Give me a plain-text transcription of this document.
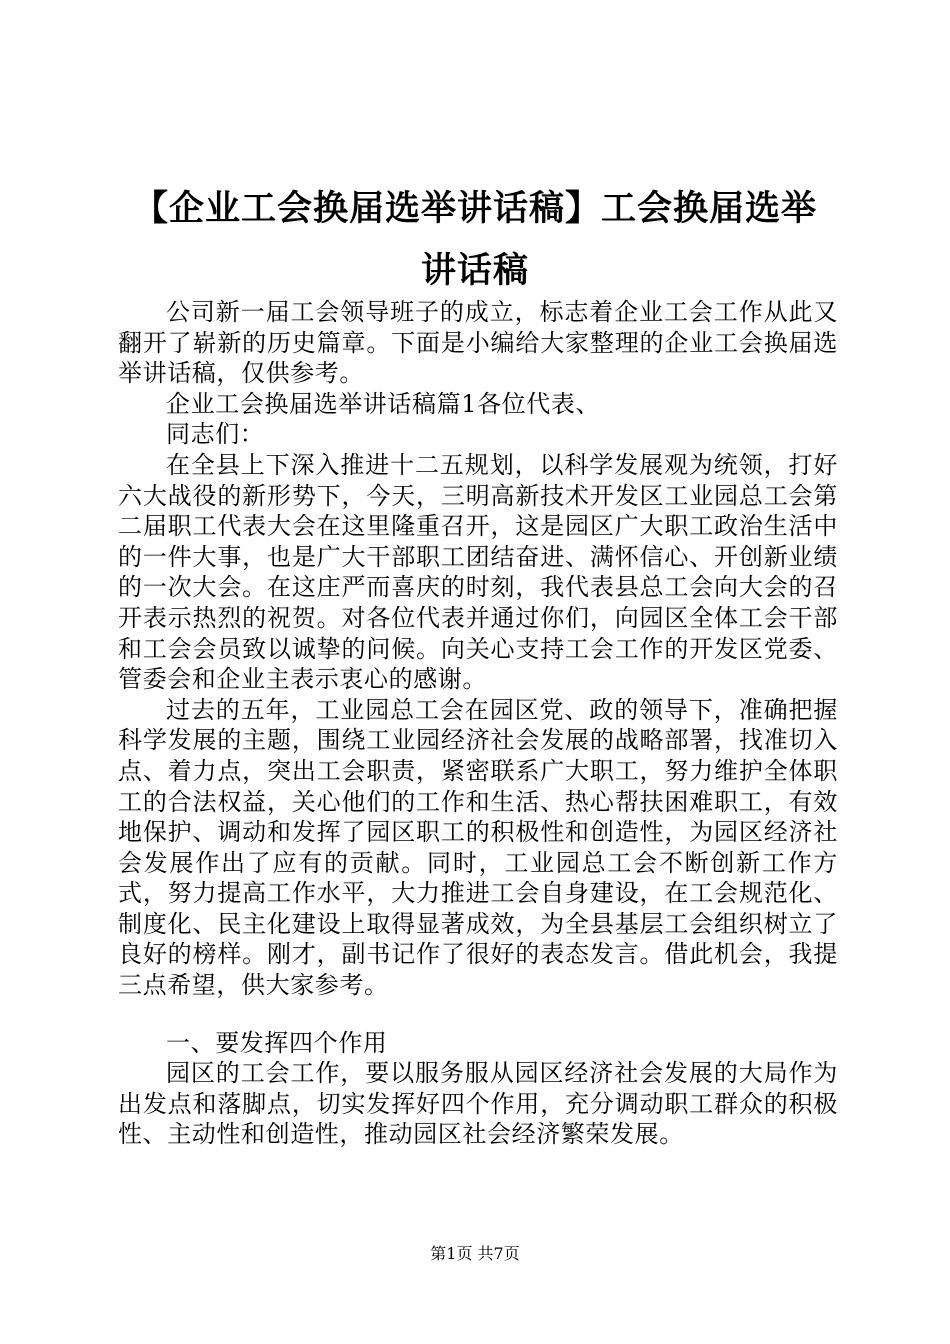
【企业工会换届选举讲话稿】工会换届选举讲话稿

公司新一届工会领导班子的成立，标志着企业工会工作从此又翻开了崭新的历史篇章。下面是小编给大家整理的企业工会换届选举讲话稿，仅供参考。

企业工会换届选举讲话稿篇1各位代表、

同志们：

在全县上下深入推进十二五规划，以科学发展观为统领，打好六大战役的新形势下，今天，三明高新技术开发区工业园总工会第二届职工代表大会在这里隆重召开，这是园区广大职工政治生活中的一件大事，也是广大干部职工团结奋进、满怀信心、开创新业绩的一次大会。在这庄严而喜庆的时刻，我代表县总工会向大会的召开表示热烈的祝贺。对各位代表并通过你们，向园区全体工会干部和工会会员致以诚挚的问候。向关心支持工会工作的开发区党委、管委会和企业主表示衷心的感谢。

过去的五年，工业园总工会在园区党、政的领导下，准确把握科学发展的主题，围绕工业园经济社会发展的战略部署，找准切入点、着力点，突出工会职责，紧密联系广大职工，努力维护全体职工的合法权益，关心他们的工作和生活、热心帮扶困难职工，有效地保护、调动和发挥了园区职工的积极性和创造性，为园区经济社会发展作出了应有的贡献。同时，工业园总工会不断创新工作方式，努力提高工作水平，大力推进工会自身建设，在工会规范化、制度化、民主化建设上取得显著成效，为全县基层工会组织树立了良好的榜样。刚才，副书记作了很好的表态发言。借此机会，我提三点希望，供大家参考。

一、要发挥四个作用

园区的工会工作，要以服务服从园区经济社会发展的大局作为出发点和落脚点，切实发挥好四个作用，充分调动职工群众的积极性、主动性和创造性，推动园区社会经济繁荣发展。

第1页 共7页
